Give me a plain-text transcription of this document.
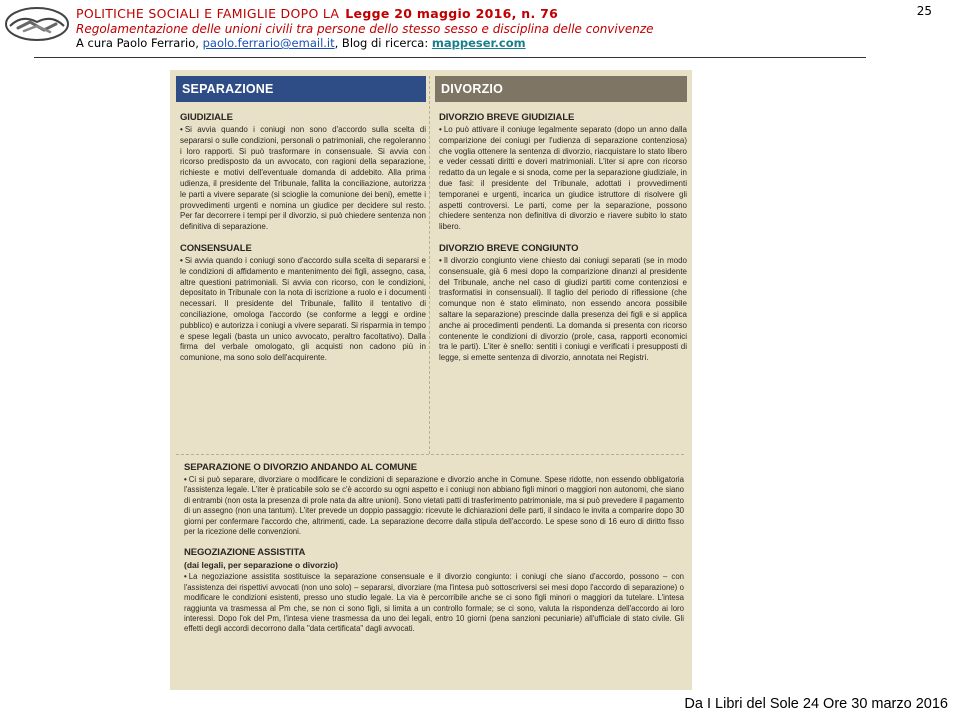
POLITICHE SOCIALI E FAMIGLIE DOPO LA Legge 20 maggio 2016, n. 76
Regolamentazione delle unioni civili tra persone dello stesso sesso e disciplina delle convivenze
A cura Paolo Ferrario, paolo.ferrario@email.it, Blog di ricerca: mappeser.com
25
SEPARAZIONE
GIUDIZIALE
• Si avvia quando i coniugi non sono d'accordo sulla scelta di separarsi o sulle condizioni, personali o patrimoniali, che regoleranno i loro rapporti. Si può trasformare in consensuale. Si avvia con ricorso predisposto da un avvocato, con ragioni della separazione, richieste e motivi dell'eventuale domanda di addebito. Alla prima udienza, il presidente del Tribunale, fallita la conciliazione, autorizza le parti a vivere separate (si scioglie la comunione dei beni), emette i provvedimenti urgenti e nomina un giudice per decidere sul resto. Per far decorrere i tempi per il divorzio, si può chiedere sentenza non definitiva di separazione.
CONSENSUALE
• Si avvia quando i coniugi sono d'accordo sulla scelta di separarsi e le condizioni di affidamento e mantenimento dei figli, assegno, casa, altre questioni patrimoniali. Si avvia con ricorso, con le condizioni, depositato in Tribunale con la nota di iscrizione a ruolo e i documenti necessari. Il presidente del Tribunale, fallito il tentativo di conciliazione, omologa l'accordo (se conforme a leggi e ordine pubblico) e autorizza i coniugi a vivere separati. Si risparmia in tempo e spese legali (basta un unico avvocato, peraltro facoltativo). Dalla firma del verbale omologato, gli acquisti non cadono più in comunione, ma sono solo dell'acquirente.
DIVORZIO
DIVORZIO BREVE GIUDIZIALE
• Lo può attivare il coniuge legalmente separato (dopo un anno dalla comparizione dei coniugi per l'udienza di separazione contenziosa) che voglia ottenere la sentenza di divorzio, riacquistare lo stato libero e veder cessati diritti e doveri matrimoniali. L'iter si apre con ricorso redatto da un legale e si snoda, come per la separazione giudiziale, in due fasi: il presidente del Tribunale, adottati i provvedimenti temporanei e urgenti, incarica un giudice istruttore di risolvere gli aspetti controversi. Le parti, come per la separazione, possono chiedere sentenza non definitiva di divorzio e riavere subito lo stato libero.
DIVORZIO BREVE CONGIUNTO
• Il divorzio congiunto viene chiesto dai coniugi separati (se in modo consensuale, già 6 mesi dopo la comparizione dinanzi al presidente del Tribunale, anche nel caso di giudizi partiti come contenziosi e trasformatisi in consensuali). Il taglio del periodo di riflessione (che comunque non è stato eliminato, non essendo ancora possibile saltare la separazione) prescinde dalla presenza dei figli e si applica anche ai procedimenti pendenti. La domanda si presenta con ricorso contenente le condizioni di divorzio (prole, casa, rapporti economici tra le parti). L'iter è snello: sentiti i coniugi e verificati i presupposti di legge, si emette sentenza di divorzio, annotata nei Registri.
SEPARAZIONE O DIVORZIO ANDANDO AL COMUNE
• Ci si può separare, divorziare o modificare le condizioni di separazione e divorzio anche in Comune. Spese ridotte, non essendo obbligatoria l'assistenza legale. L'iter è praticabile solo se c'è accordo su ogni aspetto e i coniugi non abbiano figli minori o maggiori non autonomi, che siano di entrambi (non osta la presenza di prole nata da altre unioni). Sono vietati patti di trasferimento patrimoniale, ma si può prevedere il pagamento di un assegno (non una tantum). L'iter prevede un doppio passaggio: ricevute le dichiarazioni delle parti, il sindaco le invita a comparire dopo 30 giorni per confermare l'accordo che, altrimenti, cade. La separazione decorre dalla stipula dell'accordo. Le spese sono di 16 euro di diritto fisso per la ricezione delle convenzioni.
NEGOZIAZIONE ASSISTITA
(dai legali, per separazione o divorzio)
• La negoziazione assistita sostituisce la separazione consensuale e il divorzio congiunto: i coniugi che siano d'accordo, possono – con l'assistenza dei rispettivi avvocati (non uno solo) – separarsi, divorziare (ma l'intesa può sottoscriversi sei mesi dopo l'accordo di separazione) o modificare le condizioni esistenti, presso uno studio legale. La via è percorribile anche se ci sono figli minori o maggiori da tutelare. L'intesa raggiunta va trasmessa al Pm che, se non ci sono figli, si limita a un controllo formale; se ci sono, valuta la rispondenza dell'accordo ai loro interessi. Dopo l'ok del Pm, l'intesa viene trasmessa da uno dei legali, entro 10 giorni (pena sanzioni pecuniarie) all'ufficiale di stato civile. Gli effetti degli accordi decorrono dalla "data certificata" dagli avvocati.
Da I Libri del Sole 24 Ore 30 marzo 2016
